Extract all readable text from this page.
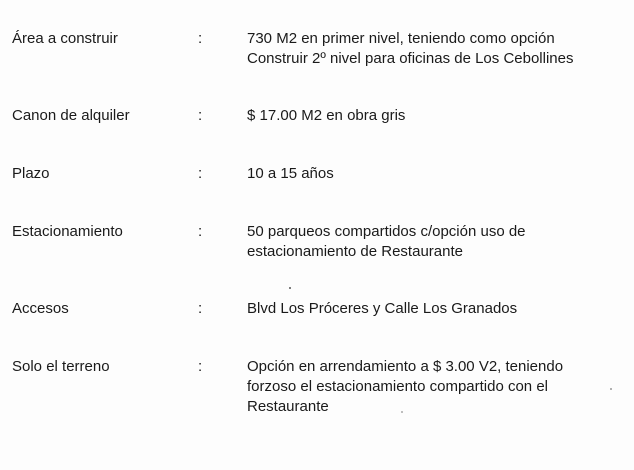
Área a construir	:	730 M2 en primer nivel, teniendo como opción
Construir 2º nivel para oficinas de Los Cebollines
Canon de alquiler	:	$ 17.00 M2 en obra gris
Plazo	:	10 a 15 años
Estacionamiento	:	50 parqueos compartidos c/opción uso de
estacionamiento de Restaurante
Accesos	:	Blvd Los Próceres y Calle Los Granados
Solo el terreno	:	Opción en arrendamiento a $ 3.00 V2, teniendo
forzoso el estacionamiento compartido con el
Restaurante
